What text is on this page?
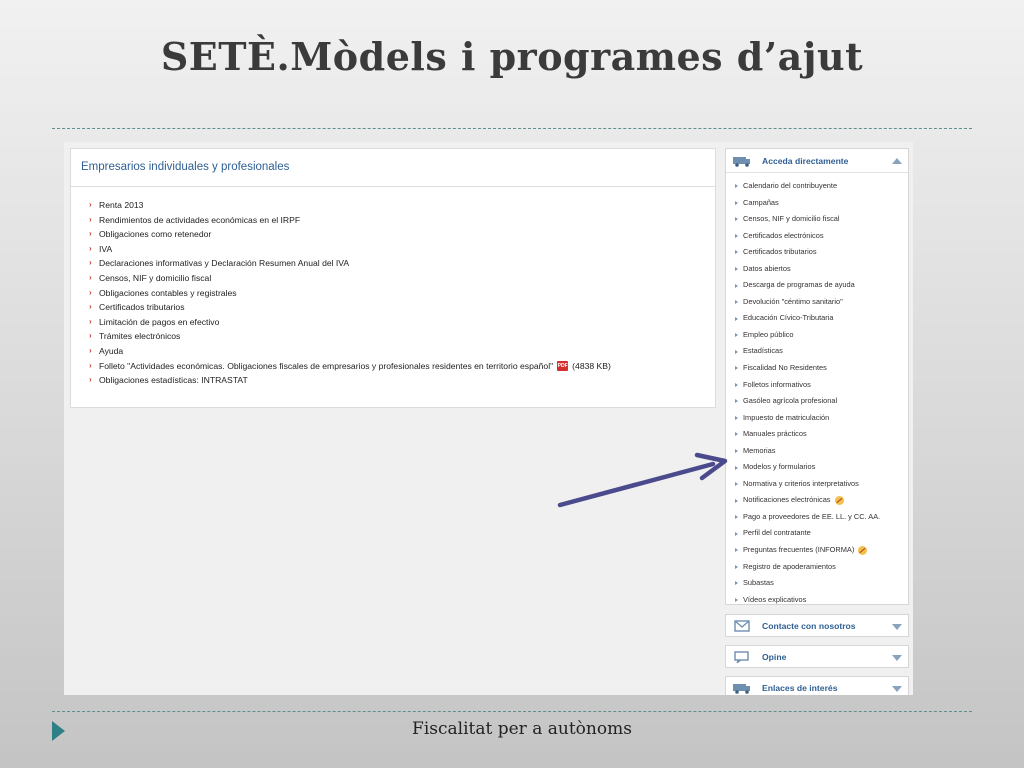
SETÈ.Mòdels i programes d’ajut
Empresarios individuales y profesionales
› Renta 2013
› Rendimientos de actividades económicas en el IRPF
› Obligaciones como retenedor
› IVA
› Declaraciones informativas y Declaración Resumen Anual del IVA
› Censos, NIF y domicilio fiscal
› Obligaciones contables y registrales
› Certificados tributarios
› Limitación de pagos en efectivo
› Trámites electrónicos
› Ayuda
› Folleto "Actividades económicas. Obligaciones fiscales de empresarios y profesionales residentes en territorio español" PDF (4838 KB)
› Obligaciones estadísticas: INTRASTAT
Acceda directamente
Calendario del contribuyente
Campañas
Censos, NIF y domicilio fiscal
Certificados electrónicos
Certificados tributarios
Datos abiertos
Descarga de programas de ayuda
Devolución "céntimo sanitario"
Educación Cívico-Tributaria
Empleo público
Estadísticas
Fiscalidad No Residentes
Folletos informativos
Gasóleo agrícola profesional
Impuesto de matriculación
Manuales prácticos
Memorias
Modelos y formularios
Normativa y criterios interpretativos
Notificaciones electrónicas
Pago a proveedores de EE. LL. y CC. AA.
Perfil del contratante
Preguntas frecuentes (INFORMA)
Registro de apoderamientos
Subastas
Vídeos explicativos
Contacte con nosotros
Opine
Enlaces de interés
Fiscalitat per a autònoms
